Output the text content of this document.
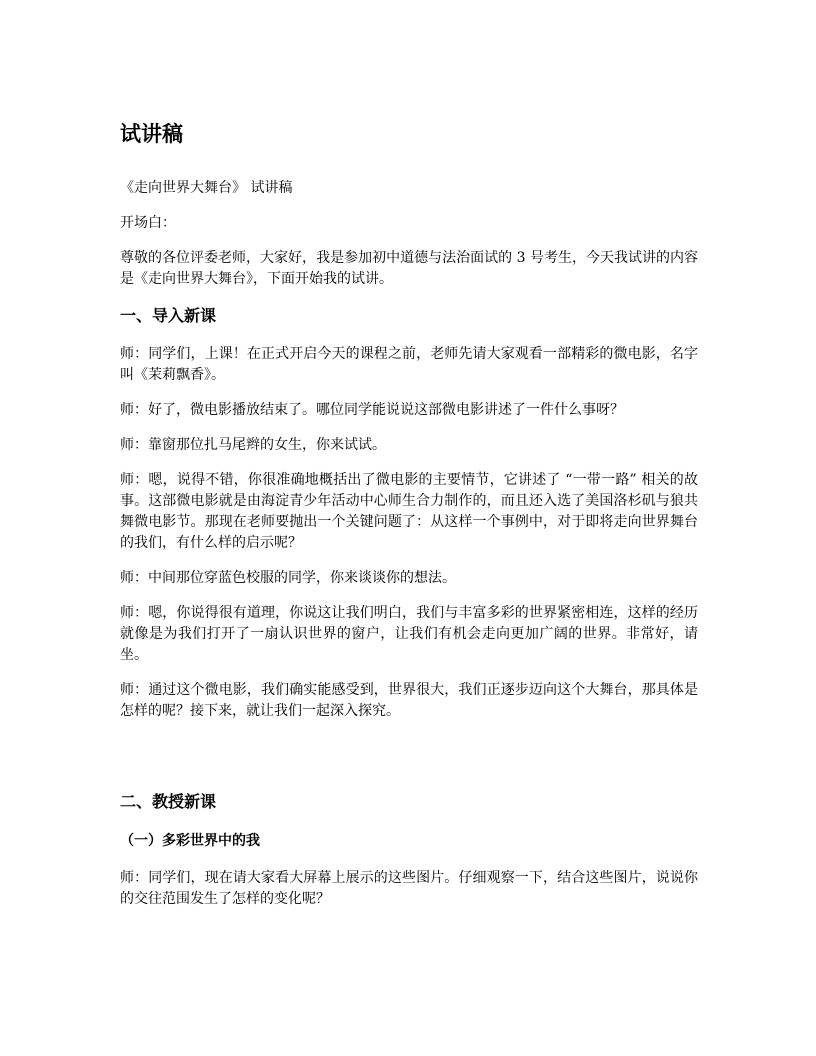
试讲稿

《走向世界大舞台》 试讲稿

开场白：

尊敬的各位评委老师，大家好，我是参加初中道德与法治面试的 3 号考生，今天我试讲的内容是《走向世界大舞台》，下面开始我的试讲。

一、导入新课

师：同学们，上课！在正式开启今天的课程之前，老师先请大家观看一部精彩的微电影，名字叫《茉莉飘香》。

师：好了，微电影播放结束了。哪位同学能说说这部微电影讲述了一件什么事呀？

师：靠窗那位扎马尾辫的女生，你来试试。

师：嗯，说得不错，你很准确地概括出了微电影的主要情节，它讲述了 “一带一路” 相关的故事。这部微电影就是由海淀青少年活动中心师生合力制作的，而且还入选了美国洛杉矶与狼共舞微电影节。那现在老师要抛出一个关键问题了：从这样一个事例中，对于即将走向世界舞台的我们，有什么样的启示呢？

师：中间那位穿蓝色校服的同学，你来谈谈你的想法。

师：嗯，你说得很有道理，你说这让我们明白，我们与丰富多彩的世界紧密相连，这样的经历就像是为我们打开了一扇认识世界的窗户，让我们有机会走向更加广阔的世界。非常好，请坐。

师：通过这个微电影，我们确实能感受到，世界很大，我们正逐步迈向这个大舞台，那具体是怎样的呢？接下来，就让我们一起深入探究。

二、教授新课
（一）多彩世界中的我

师：同学们，现在请大家看大屏幕上展示的这些图片。仔细观察一下，结合这些图片，说说你的交往范围发生了怎样的变化呢？
